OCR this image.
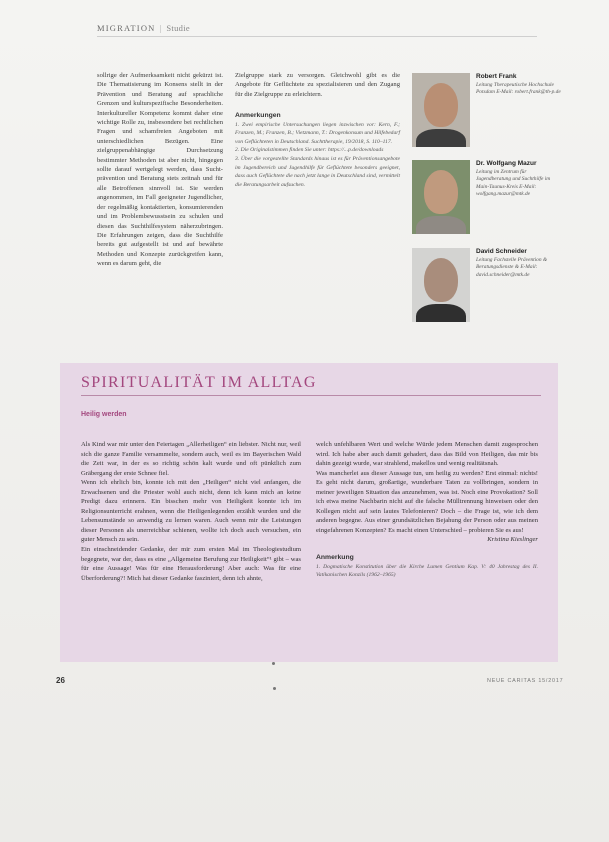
MIGRATION | Studie

sollrige der Aufmerksamkeit nicht gekürzt ist. Die Thematisierung im Konsens stellt in der Prävention und Beratung auf sprachliche Grenzen und kulturspezifische Besonderheiten. Interkultureller Kompetenz kommt daher eine wichtige Rolle zu, insbesondere bei rechtlichen Fragen und schamfreien Angeboten mit unterschiedlichen Bezügen. Eine zielgruppenabhängige Durchsetzung bestimmter Methoden ist aber nicht, hingegen sollte darauf wertgelegt werden, dass Suchtprävention und Beratung stets zeitnah und für alle Betroffenen sinnvoll ist. Sie werden angenommen, im Fall geeigneter Jugendlicher, der regelmäßig kontaktierten, konsumierenden und im Problembewusstsein zu schulen und diesen das Suchthilfesystem näherzubringen. Die Erfahrungen zeigen, dass die Suchthilfe bereits gut aufgestellt ist und auf bewährte Methoden und Konzepte zurückgreifen kann, wenn es darum geht, die

Zielgruppe stark zu versorgen. Gleichwohl gibt es die Angebote für Geflüchtete zu spezialisieren und den Zugang für die Zielgruppe zu erleichtern.

Anmerkungen

1. Zwei empirische Untersuchungen liegen inzwischen vor: Kern, F.; Franzen, M.; Franzen, B.; Vietzmann, T.: Drogenkonsum und Hilfebedarf von Geflüchteten in Deutschland. Suchttherapie, 19/2018, S. 110–117.

2. Die Originalstimmen finden Sie unter: https://...p.de/downloads

3. Über die vorgestellte Standards hinaus ist es für Präventionsangebote im Jugendbereich und Jugendhilfe für Geflüchtete besonders geeignet, dass auch Geflüchtete die nach jetzt lange in Deutschland sind, vermittelt die Beratungsarbeit aufsuchen.

Robert Frank
Leitung Therapeutische Hochschule Potsdam E-Mail: robert.frank@th-p.de
Dr. Wolfgang Mazur
Leitung im Zentrum für Jugendberatung und Suchthilfe im Main-Taunus-Kreis E-Mail: wolfgang.mazur@mtk.de
David Schneider
Leitung Fachstelle Prävention & Beratungsdienste & E-Mail: david.schneider@mtk.de
SPIRITUALITÄT IM ALLTAG
Heilig werden

Als Kind war mir unter den Feiertagen „Allerheiligen“ ein liebster. Nicht nur, weil sich die ganze Familie versammelte, sondern auch, weil es im Bayerischen Wald die Zeit war, in der es so richtig schön kalt wurde und oft pünktlich zum Gräbergang der erste Schnee fiel.

Wenn ich ehrlich bin, konnte ich mit den „Heiligen“ nicht viel anfangen, die Erwachsenen und die Priester wohl auch nicht, denn ich kann mich an keine Predigt dazu erinnern. Ein bisschen mehr von Heiligkeit konnte ich im Religionsunterricht erahnen, wenn die Heiligenlegenden erzählt wurden und die Lebensumstände so anwendig zu lernen waren. Auch wenn mir die Leistungen dieser Personen als unerreichbar schienen, wollte ich doch auch versuchen, ein guter Mensch zu sein.

Ein einschneidender Gedanke, der mir zum ersten Mal im Theologiestudium begegnete, war der, dass es eine „Allgemeine Berufung zur Heiligkeit“¹ gibt – was für eine Aussage! Was für eine Herausforderung! Aber auch: Was für eine Überforderung?! Mich hat dieser Gedanke fasziniert, denn ich ahnte,

welch unfehlbaren Wert und welche Würde jedem Menschen damit zugesprochen wird. Ich habe aber auch damit gehadert, dass das Bild von Heiligen, das mir bis dahin gezeigt wurde, war strahlend, makellos und wenig realitätsnah.

Was mancherlei aus dieser Aussage tun, um heilig zu werden? Erst einmal: nichts! Es geht nicht darum, großartige, wunderbare Taten zu vollbringen, sondern in meiner jeweiligen Situation das anzunehmen, was ist. Noch eine Provokation? Soll ich etwa meine Nachbarin nicht auf die falsche Mülltrennung hinweisen oder den Kollegen nicht auf sein lautes Telefonieren? Doch – die Frage ist, wie ich dem anderen begegne. Aus einer grundsätzlichen Bejahung der Person oder aus meinen eingefahrenen Konzepten? Es macht einen Unterschied – probieren Sie es aus!

Kristina Kieslinger

Anmerkung

1. Dogmatische Konstitution über die Kirche Lumen Gentium Kap. V: 40 Jahrestag des II. Vatikanischen Konzils (1962–1965)

26	NEUE CARITAS 15/2017
